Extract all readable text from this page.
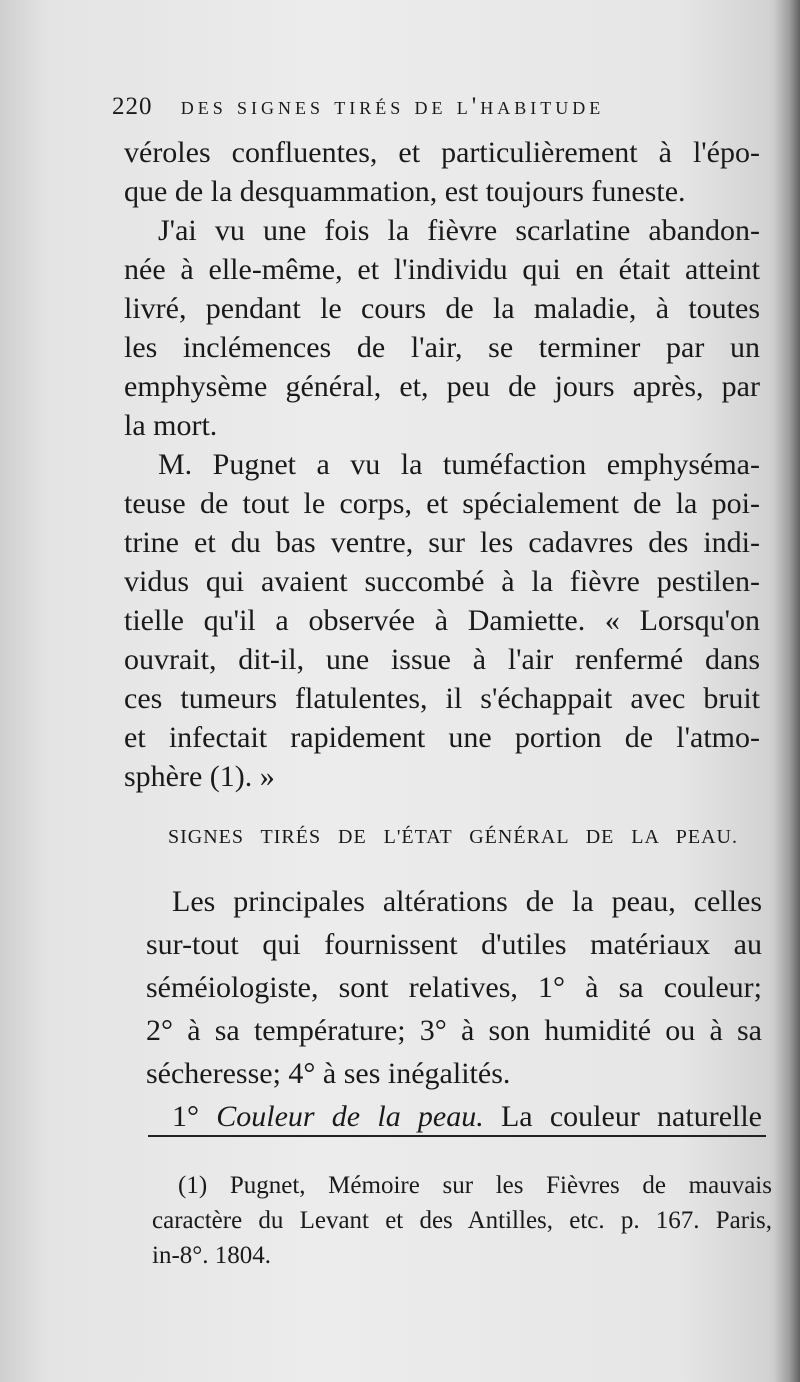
220 des signes tirés de l'habitude
véroles confluentes, et particulièrement à l'épo-
que de la desquammation, est toujours funeste.
J'ai vu une fois la fièvre scarlatine abandon-
née à elle-même, et l'individu qui en était atteint
livré, pendant le cours de la maladie, à toutes
les inclémences de l'air, se terminer par un
emphysème général, et, peu de jours après, par
la mort.
M. Pugnet a vu la tuméfaction emphyséma-
teuse de tout le corps, et spécialement de la poi-
trine et du bas ventre, sur les cadavres des indi-
vidus qui avaient succombé à la fièvre pestilen-
tielle qu'il a observée à Damiette. « Lorsqu'on
ouvrait, dit-il, une issue à l'air renfermé dans
ces tumeurs flatulentes, il s'échappait avec bruit
et infectait rapidement une portion de l'atmo-
sphère (1). »
SIGNES TIRÉS DE L'ÉTAT GÉNÉRAL DE LA PEAU.
Les principales altérations de la peau, celles
sur-tout qui fournissent d'utiles matériaux au
séméiologiste, sont relatives, 1° à sa couleur;
2° à sa température; 3° à son humidité ou à sa
sécheresse; 4° à ses inégalités.
1° Couleur de la peau. La couleur naturelle
(1) Pugnet, Mémoire sur les Fièvres de mauvais
caractère du Levant et des Antilles, etc. p. 167. Paris,
in-8°. 1804.
